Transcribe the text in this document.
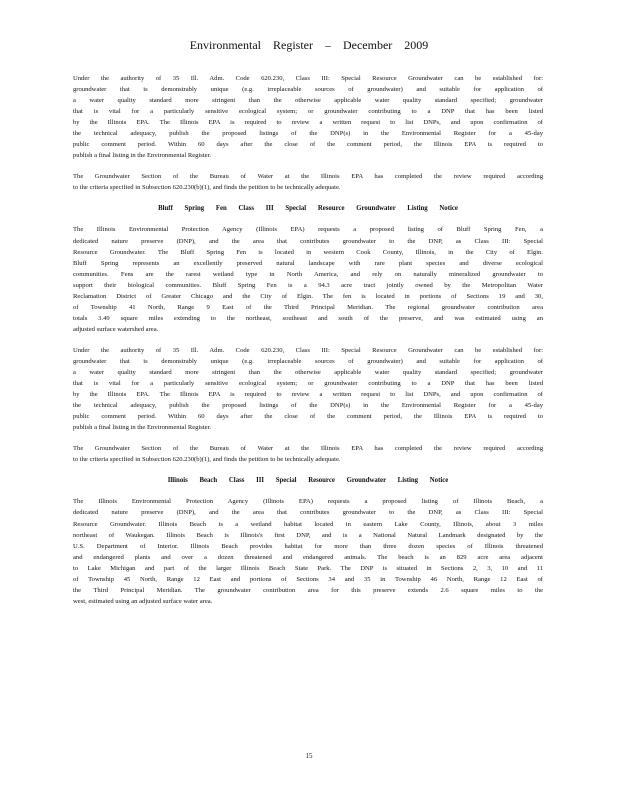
Environmental Register – December 2009
Under the authority of 35 Ill. Adm. Code 620.230, Class III: Special Resource Groundwater can be established for:
groundwater that is demonstrably unique (e.g. irreplaceable sources of groundwater) and suitable for application of
a water quality standard more stringent than the otherwise applicable water quality standard specified; groundwater
that is vital for a particularly sensitive ecological system; or groundwater contributing to a DNP that has been listed
by the Illinois EPA. The Illinois EPA is required to review a written request to list DNPs, and upon confirmation of
the technical adequacy, publish the proposed listings of the DNP(s) in the Environmental Register for a 45-day
public comment period. Within 60 days after the close of the comment period, the Illinois EPA is required to
publish a final listing in the Environmental Register.
The Groundwater Section of the Bureau of Water at the Illinois EPA has completed the review required according
to the criteria specified in Subsection 620.230(b)(1), and finds the petition to be technically adequate.
Bluff Spring Fen Class III Special Resource Groundwater Listing Notice
The Illinois Environmental Protection Agency (Illinois EPA) requests a proposed listing of Bluff Spring Fen, a
dedicated nature preserve (DNP), and the area that contributes groundwater to the DNP, as Class III: Special
Resource Groundwater. The Bluff Spring Fen is located in western Cook County, Illinois, in the City of Elgin.
Bluff Spring represents an excellently preserved natural landscape with rare plant species and diverse ecological
communities. Fens are the rarest wetland type in North America, and rely on naturally mineralized groundwater to
support their biological communities. Bluff Spring Fen is a 94.3 acre tract jointly owned by the Metropolitan Water
Reclamation District of Greater Chicago and the City of Elgin. The fen is located in portions of Sections 19 and 30,
of Township 41 North, Range 9 East of the Third Principal Meridian. The regional groundwater contribution area
totals 3.49 square miles extending to the northeast, southeast and south of the preserve, and was estimated using an
adjusted surface watershed area.
Under the authority of 35 Ill. Adm. Code 620.230, Class III: Special Resource Groundwater can be established for:
groundwater that is demonstrably unique (e.g. irreplaceable sources of groundwater) and suitable for application of
a water quality standard more stringent than the otherwise applicable water quality standard specified; groundwater
that is vital for a particularly sensitive ecological system; or groundwater contributing to a DNP that has been listed
by the Illinois EPA. The Illinois EPA is required to review a written request to list DNPs, and upon confirmation of
the technical adequacy, publish the proposed listings of the DNP(s) in the Environmental Register for a 45-day
public comment period. Within 60 days after the close of the comment period, the Illinois EPA is required to
publish a final listing in the Environmental Register.
The Groundwater Section of the Bureau of Water at the Illinois EPA has completed the review required according
to the criteria specified in Subsection 620.230(b)(1), and finds the petition to be technically adequate.
Illinois Beach Class III Special Resource Groundwater Listing Notice
The Illinois Environmental Protection Agency (Illinois EPA) requests a proposed listing of Illinois Beach, a
dedicated nature preserve (DNP), and the area that contributes groundwater to the DNP, as Class III: Special
Resource Groundwater. Illinois Beach is a wetland habitat located in eastern Lake County, Illinois, about 3 miles
northeast of Waukegan. Illinois Beach is Illinois's first DNP, and is a National Natural Landmark designated by the
U.S. Department of Interior. Illinois Beach provides habitat for more than three dozen species of Illinois threatened
and endangered plants and over a dozen threatened and endangered animals. The beach is an 829 acre area adjacent
to Lake Michigan and part of the larger Illinois Beach State Park. The DNP is situated in Sections 2, 3, 10 and 11
of Township 45 North, Range 12 East and portions of Sections 34 and 35 in Township 46 North, Range 12 East of
the Third Principal Meridian. The groundwater contribution area for this preserve extends 2.6 square miles to the
west, estimated using an adjusted surface water area.
15
